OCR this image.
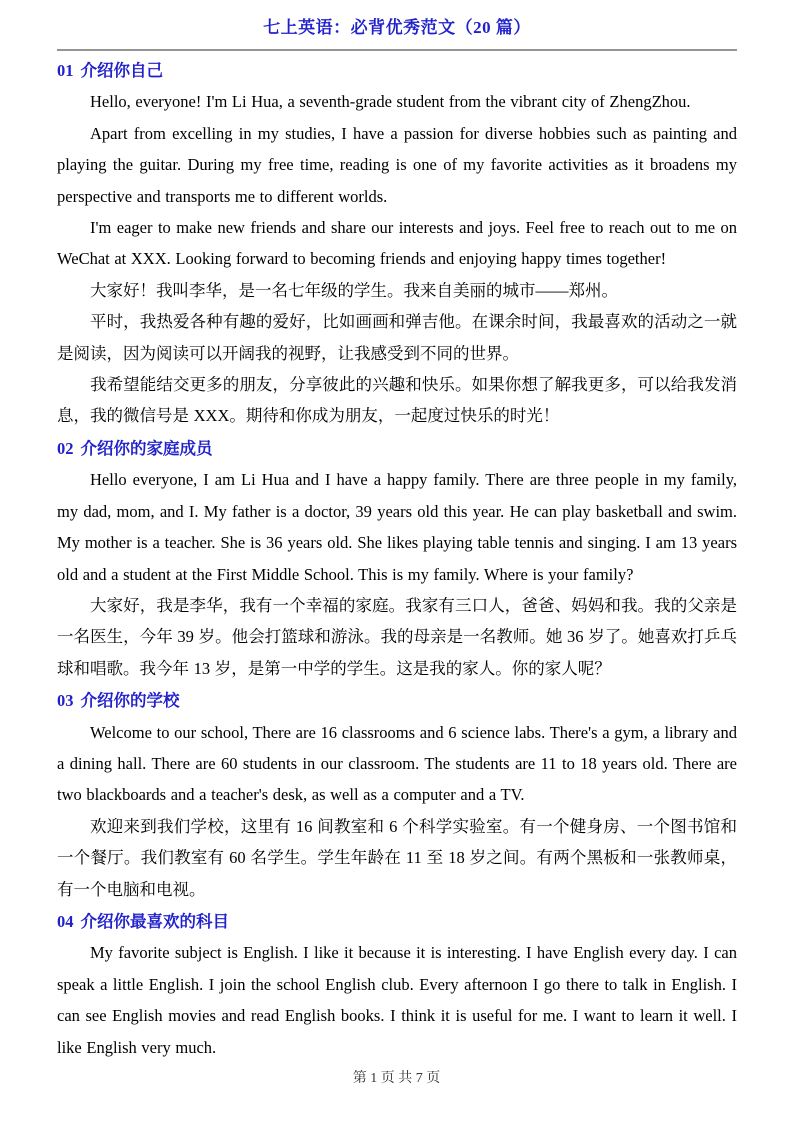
七上英语：必背优秀范文（20 篇）
01 介绍你自己

Hello, everyone! I'm Li Hua, a seventh-grade student from the vibrant city of ZhengZhou.

Apart from excelling in my studies, I have a passion for diverse hobbies such as painting and playing the guitar. During my free time, reading is one of my favorite activities as it broadens my perspective and transports me to different worlds.

I'm eager to make new friends and share our interests and joys. Feel free to reach out to me on WeChat at XXX. Looking forward to becoming friends and enjoying happy times together!

大家好！我叫李华，是一名七年级的学生。我来自美丽的城市——郑州。

平时，我热爱各种有趣的爱好，比如画画和弹吉他。在课余时间，我最喜欢的活动之一就是阅读，因为阅读可以开阔我的视野，让我感受到不同的世界。

我希望能结交更多的朋友，分享彼此的兴趣和快乐。如果你想了解我更多，可以给我发消息，我的微信号是 XXX。期待和你成为朋友，一起度过快乐的时光！

02 介绍你的家庭成员

Hello everyone, I am Li Hua and I have a happy family. There are three people in my family, my dad, mom, and I. My father is a doctor, 39 years old this year. He can play basketball and swim. My mother is a teacher. She is 36 years old. She likes playing table tennis and singing. I am 13 years old and a student at the First Middle School. This is my family. Where is your family?

大家好，我是李华，我有一个幸福的家庭。我家有三口人，爸爸、妈妈和我。我的父亲是一名医生，今年 39 岁。他会打篮球和游泳。我的母亲是一名教师。她 36 岁了。她喜欢打乒乓球和唱歌。我今年 13 岁，是第一中学的学生。这是我的家人。你的家人呢？

03 介绍你的学校

Welcome to our school, There are 16 classrooms and 6 science labs. There's a gym, a library and a dining hall. There are 60 students in our classroom. The students are 11 to 18 years old. There are two blackboards and a teacher's desk, as well as a computer and a TV.

欢迎来到我们学校，这里有 16 间教室和 6 个科学实验室。有一个健身房、一个图书馆和一个餐厅。我们教室有 60 名学生。学生年龄在 11 至 18 岁之间。有两个黑板和一张教师桌，有一个电脑和电视。

04 介绍你最喜欢的科目

My favorite subject is English. I like it because it is interesting. I have English every day. I can speak a little English. I join the school English club. Every afternoon I go there to talk in English. I can see English movies and read English books. I think it is useful for me. I want to learn it well. I like English very much.

第 1 页 共 7 页
